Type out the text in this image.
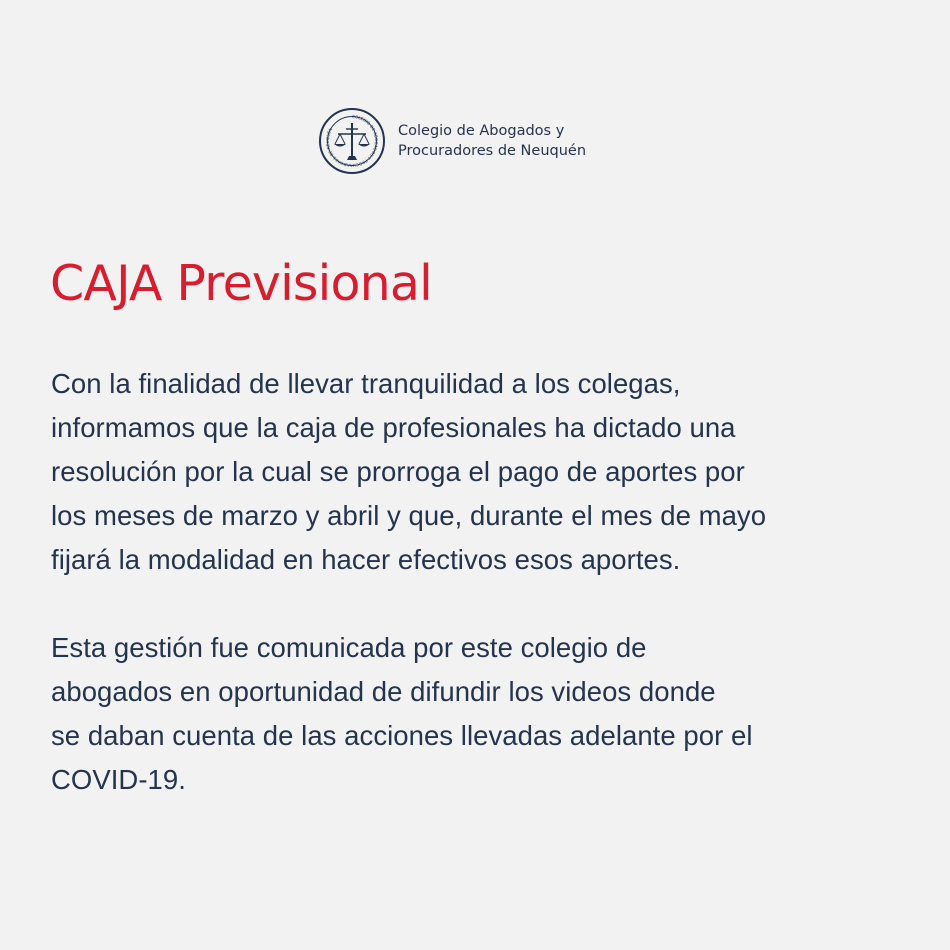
COLEGIO DE ABOGADOS Y PROCURADORES DE NEUQUÉN	Colegio de Abogados y
Procuradores de Neuquén
CAJA Previsional

Con la finalidad de llevar tranquilidad a los colegas,
informamos que la caja de profesionales ha dictado una
resolución por la cual se prorroga el pago de aportes por
los meses de marzo y abril y que, durante el mes de mayo
fijará la modalidad en hacer efectivos esos aportes.

Esta gestión fue comunicada por este colegio de
abogados en oportunidad de difundir los videos donde
se daban cuenta de las acciones llevadas adelante por el
COVID-19.
